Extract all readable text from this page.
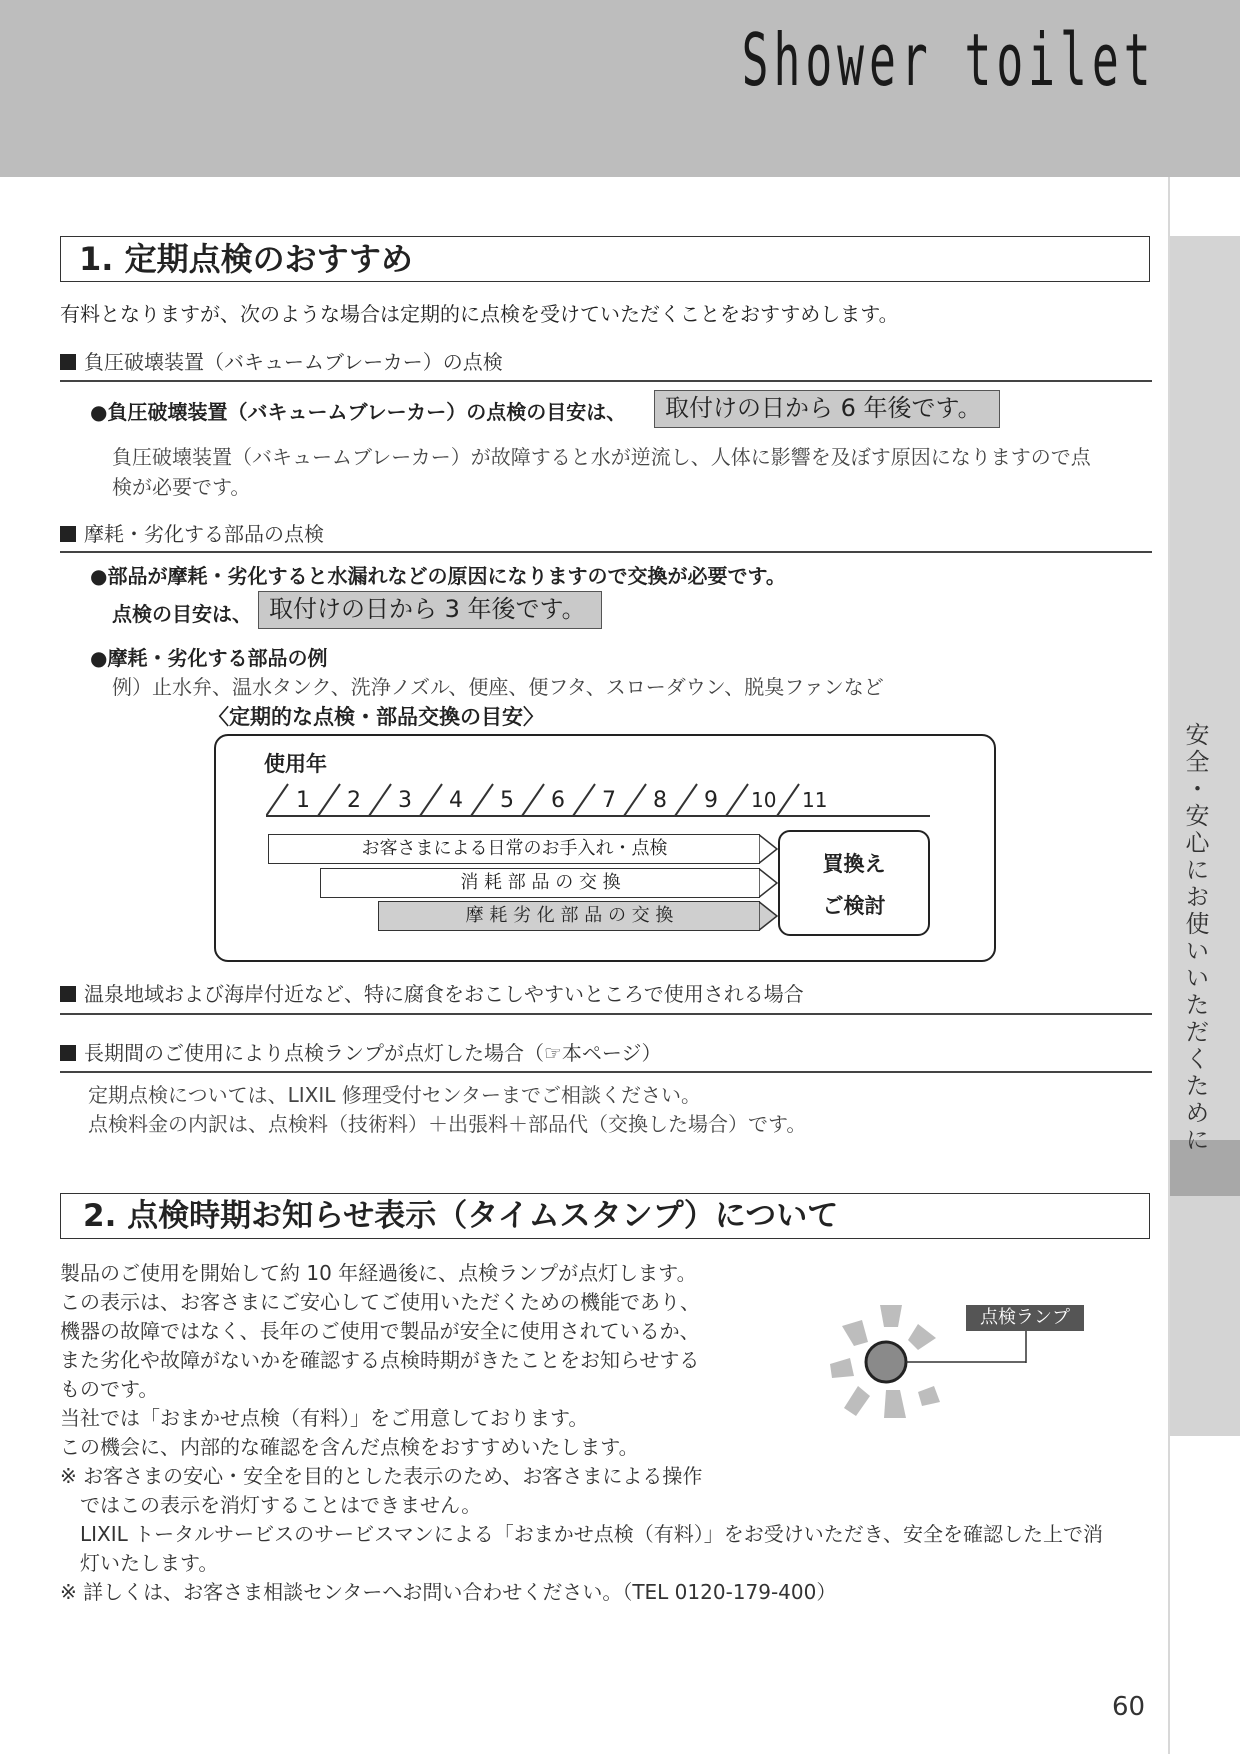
Shower toilet
安全・安心にお使いいただくために
1. 定期点検のおすすめ
有料となりますが、次のような場合は定期的に点検を受けていただくことをおすすめします。
負圧破壊装置（バキュームブレーカー）の点検
●負圧破壊装置（バキュームブレーカー）の点検の目安は、	取付けの日から 6 年後です。
負圧破壊装置（バキュームブレーカー）が故障すると水が逆流し、人体に影響を及ぼす原因になりますので点
検が必要です。
摩耗・劣化する部品の点検
●部品が摩耗・劣化すると水漏れなどの原因になりますので交換が必要です。
点検の目安は、 取付けの日から 3 年後です。
●摩耗・劣化する部品の例
例）止水弁、温水タンク、洗浄ノズル、便座、便フタ、スローダウン、脱臭ファンなど
〈定期的な点検・部品交換の目安〉
使用年
1 2 3 4 5 6 7 8 9 10 11
お客さまによる日常のお手入れ・点検
消 耗 部 品 の 交 換
摩 耗 劣 化 部 品 の 交 換
買換え
ご検討
温泉地域および海岸付近など、特に腐食をおこしやすいところで使用される場合
長期間のご使用により点検ランプが点灯した場合（☞本ページ）
定期点検については、LIXIL 修理受付センターまでご相談ください。
点検料金の内訳は、点検料（技術料）＋出張料＋部品代（交換した場合）です。
2. 点検時期お知らせ表示（タイムスタンプ）について
製品のご使用を開始して約 10 年経過後に、点検ランプが点灯します。
この表示は、お客さまにご安心してご使用いただくための機能であり、
機器の故障ではなく、長年のご使用で製品が安全に使用されているか、
また劣化や故障がないかを確認する点検時期がきたことをお知らせする
ものです。
当社では「おまかせ点検（有料）」をご用意しております。
この機会に、内部的な確認を含んだ点検をおすすめいたします。
※ お客さまの安心・安全を目的とした表示のため、お客さまによる操作
　ではこの表示を消灯することはできません。
　LIXIL トータルサービスのサービスマンによる「おまかせ点検（有料）」をお受けいただき、安全を確認した上で消
　灯いたします。
※ 詳しくは、お客さま相談センターへお問い合わせください。（TEL 0120-179-400）
点検ランプ
60
